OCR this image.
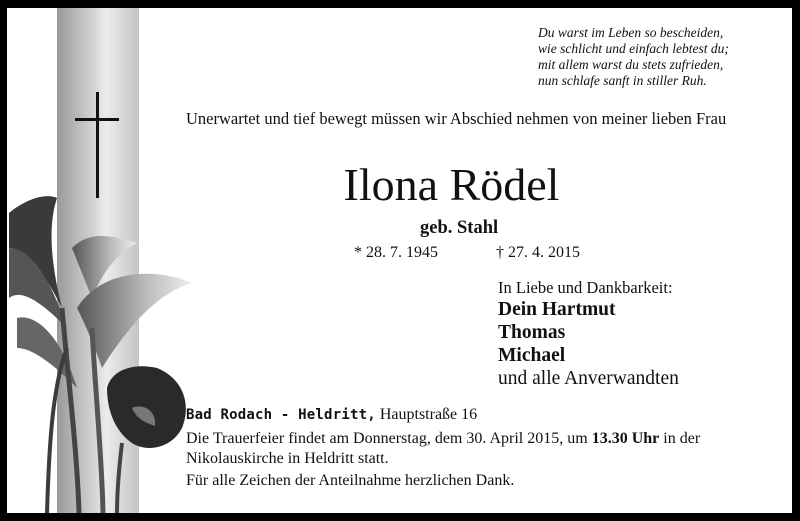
Du warst im Leben so bescheiden,
wie schlicht und einfach lebtest du;
mit allem warst du stets zufrieden,
nun schlafe sanft in stiller Ruh.
Unerwartet und tief bewegt müssen wir Abschied nehmen von meiner lieben Frau
Ilona Rödel
geb. Stahl
* 28. 7. 1945	† 27. 4. 2015
In Liebe und Dankbarkeit:
Dein Hartmut
Thomas
Michael
und alle Anverwandten
Bad Rodach - Heldritt, Hauptstraße 16
Die Trauerfeier findet am Donnerstag, dem 30. April 2015, um 13.30 Uhr in der Nikolauskirche in Heldritt statt.
Für alle Zeichen der Anteilnahme herzlichen Dank.
